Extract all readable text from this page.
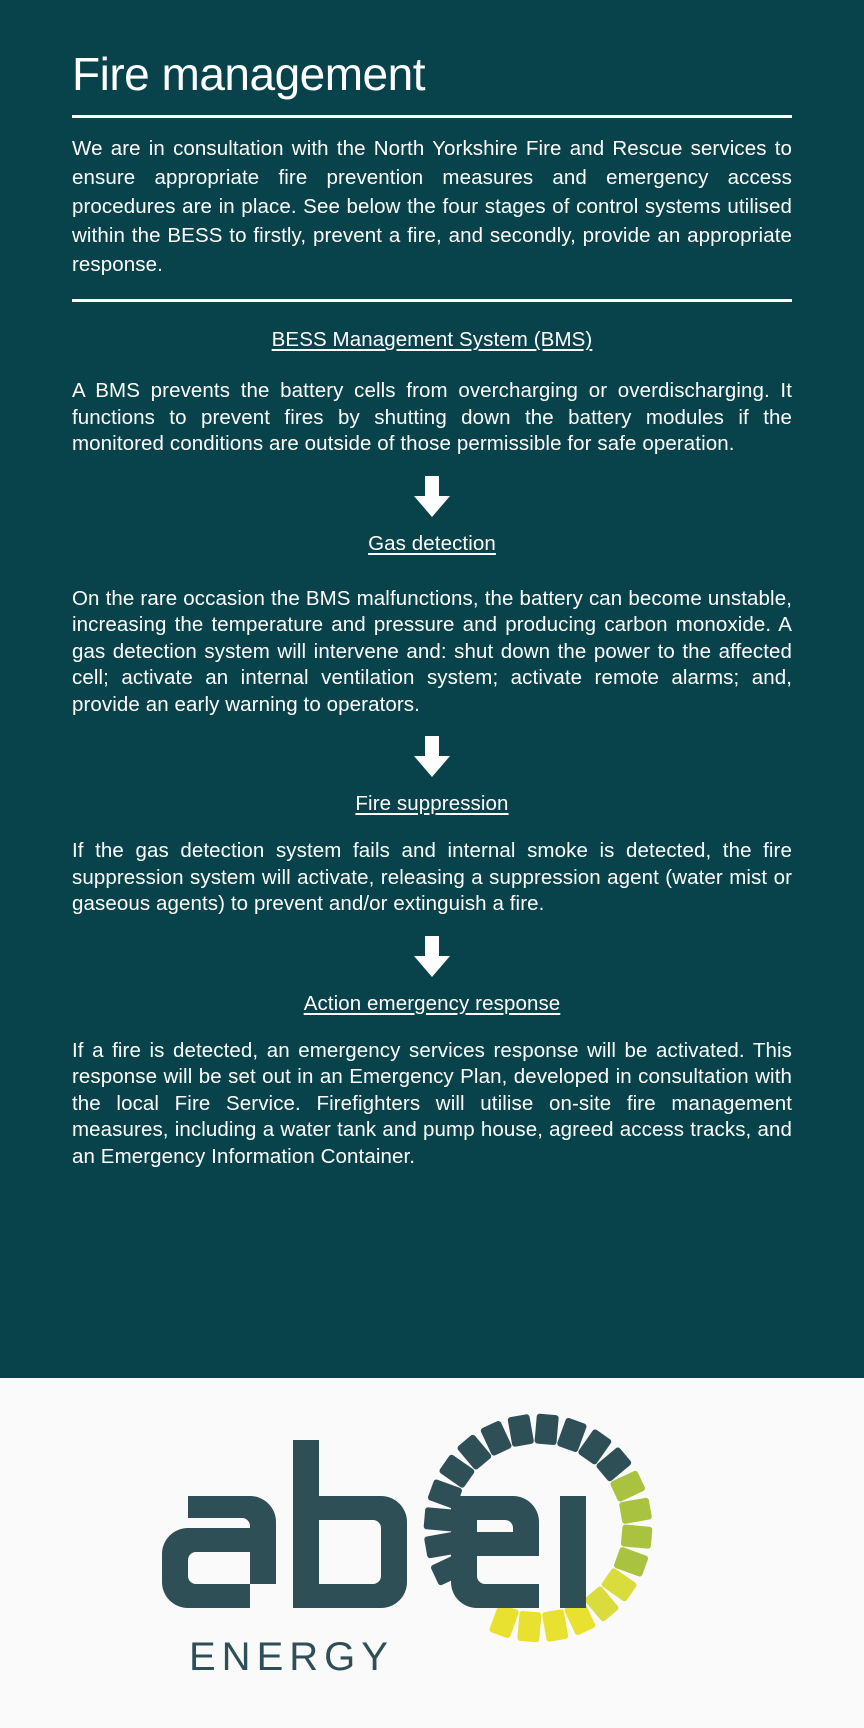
Fire management

We are in consultation with the North Yorkshire Fire and Rescue services to ensure appropriate fire prevention measures and emergency access procedures are in place. See below the four stages of control systems utilised within the BESS to firstly, prevent a fire, and secondly, provide an appropriate response.

BESS Management System (BMS)

A BMS prevents the battery cells from overcharging or overdischarging. It functions to prevent fires by shutting down the battery modules if the monitored conditions are outside of those permissible for safe operation.

Gas detection

On the rare occasion the BMS malfunctions, the battery can become unstable, increasing the temperature and pressure and producing carbon monoxide. A gas detection system will intervene and: shut down the power to the affected cell; activate an internal ventilation system; activate remote alarms; and, provide an early warning to operators.

Fire suppression

If the gas detection system fails and internal smoke is detected, the fire suppression system will activate, releasing a suppression agent (water mist or gaseous agents) to prevent and/or extinguish a fire.

Action emergency response

If a fire is detected, an emergency services response will be activated. This response will be set out in an Emergency Plan, developed in consultation with the local Fire Service. Firefighters will utilise on-site fire management measures, including a water tank and pump house, agreed access tracks, and an Emergency Information Container.

ENERGY
